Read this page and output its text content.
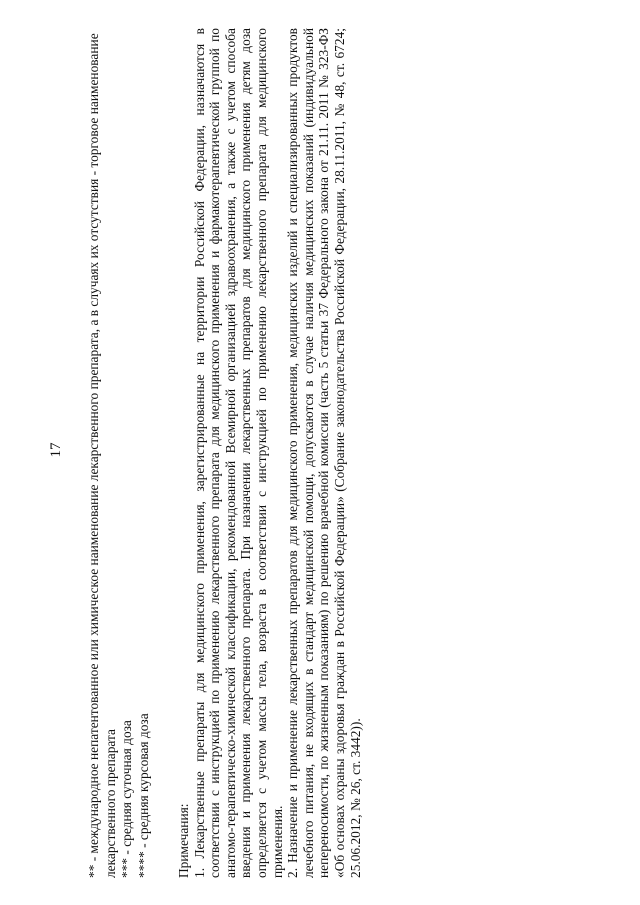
17 ** - международное непатентованное или химическое наименование лекарственного препарата, а в случаях их отсутствия - торговое наименование лекарственного препарата *** - средняя суточная доза **** - средняя курсовая доза Примечания: 1. Лекарственные препараты для медицинского применения, зарегистрированные на территории Российской Федерации, назначаются в соответствии с инструкцией по применению лекарственного препарата для медицинского применения и фармакотерапевтической группой по анатомо-терапевтическо-химической классификации, рекомендованной Всемирной организацией здравоохранения, а также с учетом способа введения и применения лекарственного препарата. При назначении лекарственных препаратов для медицинского применения детям доза определяется с учетом массы тела, возраста в соответствии с инструкцией по применению лекарственного препарата для медицинского применения. 2. Назначение и применение лекарственных препаратов для медицинского применения, медицинских изделий и специализированных продуктов лечебного питания, не входящих в стандарт медицинской помощи, допускаются в случае наличия медицинских показаний (индивидуальной непереносимости, по жизненным показаниям) по решению врачебной комиссии (часть 5 статьи 37 Федерального закона от 21.11. 2011 № 323-ФЗ «Об основах охраны здоровья граждан в Российской Федерации» (Собрание законодательства Российской Федерации, 28.11.2011, № 48, ст. 6724; 25.06.2012, № 26, ст. 3442)).
